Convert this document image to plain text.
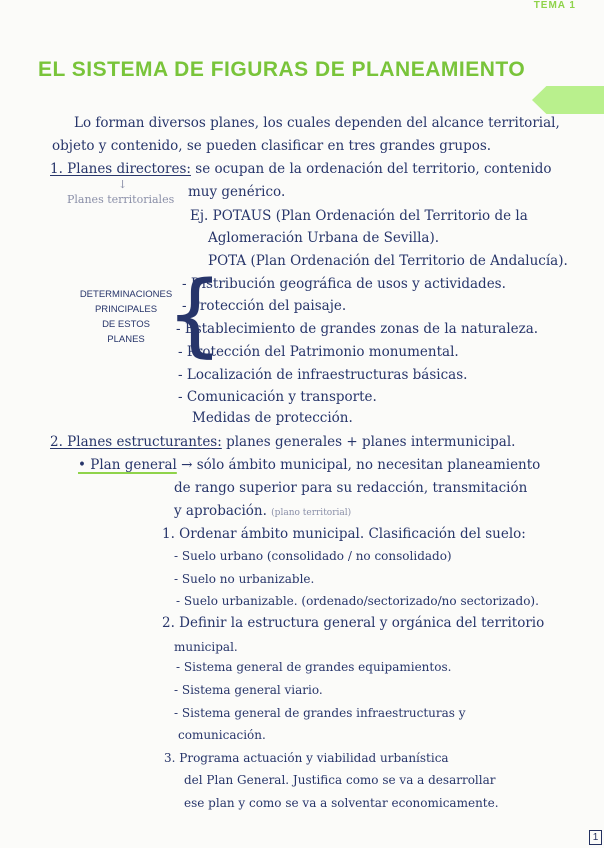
TEMA 1
EL SISTEMA DE FIGURAS DE PLANEAMIENTO
Lo forman diversos planes, los cuales dependen del alcance territorial,
objeto y contenido, se pueden clasificar en tres grandes grupos.
1. Planes directores: se ocupan de la ordenación del territorio, contenido
↓
Planes territoriales muy genérico.
Ej. POTAUS (Plan Ordenación del Territorio de la
Aglomeración Urbana de Sevilla).
POTA (Plan Ordenación del Territorio de Andalucía).
DETERMINACIONES
PRINCIPALES
DE ESTOS
PLANES {
- Distribución geográfica de usos y actividades.
- Protección del paisaje.
- Establecimiento de grandes zonas de la naturaleza.
- Protección del Patrimonio monumental.
- Localización de infraestructuras básicas.
- Comunicación y transporte.
Medidas de protección.
2. Planes estructurantes: planes generales + planes intermunicipal.
• Plan general → sólo ámbito municipal, no necesitan planeamiento
de rango superior para su redacción, transmitación
y aprobación. (plano territorial)
1. Ordenar ámbito municipal. Clasificación del suelo:
- Suelo urbano (consolidado / no consolidado)
- Suelo no urbanizable.
- Suelo urbanizable. (ordenado/sectorizado/no sectorizado).
2. Definir la estructura general y orgánica del territorio
municipal.
- Sistema general de grandes equipamientos.
- Sistema general viario.
- Sistema general de grandes infraestructuras y
comunicación.
3. Programa actuación y viabilidad urbanística
del Plan General. Justifica como se va a desarrollar
ese plan y como se va a solventar economicamente.
1
